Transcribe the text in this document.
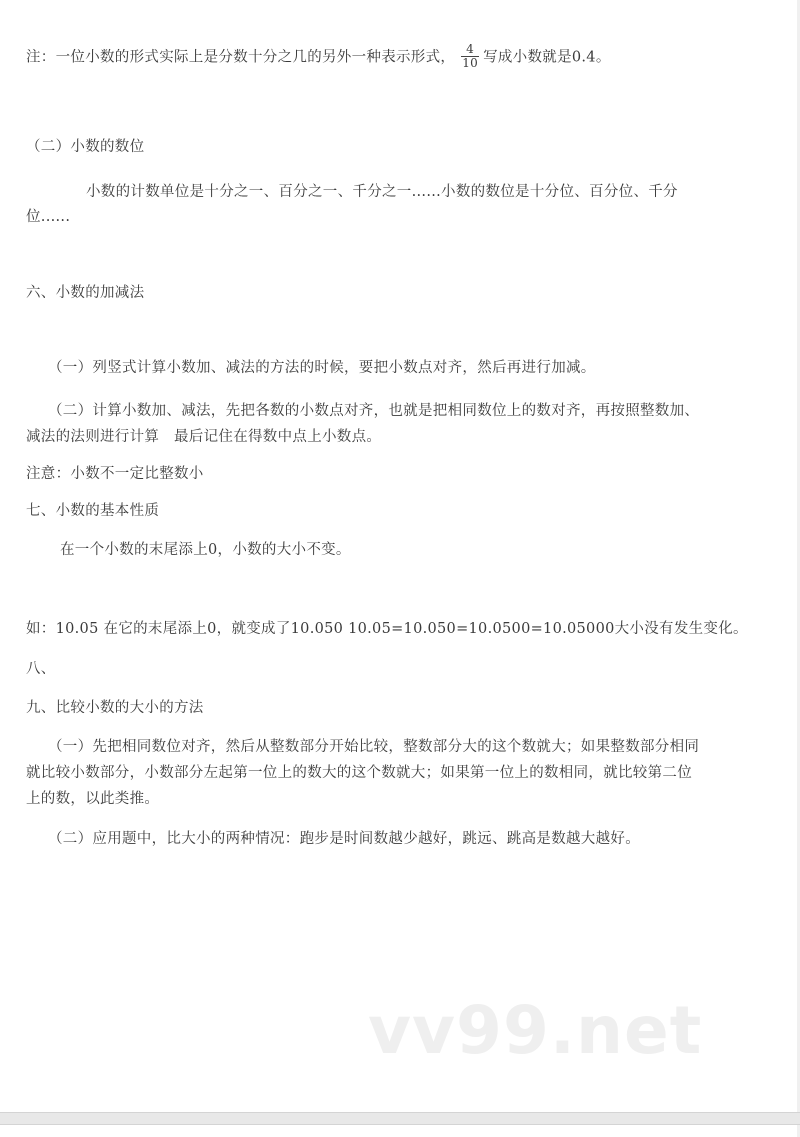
注：一位小数的形式实际上是分数十分之几的另外一种表示形式， $\frac{4}{10}$ 写成小数就是0.4。
（二）小数的数位
小数的计数单位是十分之一、百分之一、千分之一......小数的数位是十分位、百分位、千分
位......
六、小数的加减法
（一）列竖式计算小数加、减法的方法的时候，要把小数点对齐，然后再进行加减。
（二）计算小数加、减法，先把各数的小数点对齐，也就是把相同数位上的数对齐，再按照整数加、
减法的法则进行计算　最后记住在得数中点上小数点。
注意：小数不一定比整数小
七、小数的基本性质
在一个小数的末尾添上0，小数的大小不变。
如：10.05 在它的末尾添上0，就变成了10.050 10.05=10.050=10.0500=10.05000大小没有发生变化。
八、
九、比较小数的大小的方法
（一）先把相同数位对齐，然后从整数部分开始比较，整数部分大的这个数就大；如果整数部分相同
就比较小数部分，小数部分左起第一位上的数大的这个数就大；如果第一位上的数相同，就比较第二位
上的数，以此类推。
（二）应用题中，比大小的两种情况：跑步是时间数越少越好，跳远、跳高是数越大越好。
vv99.net
